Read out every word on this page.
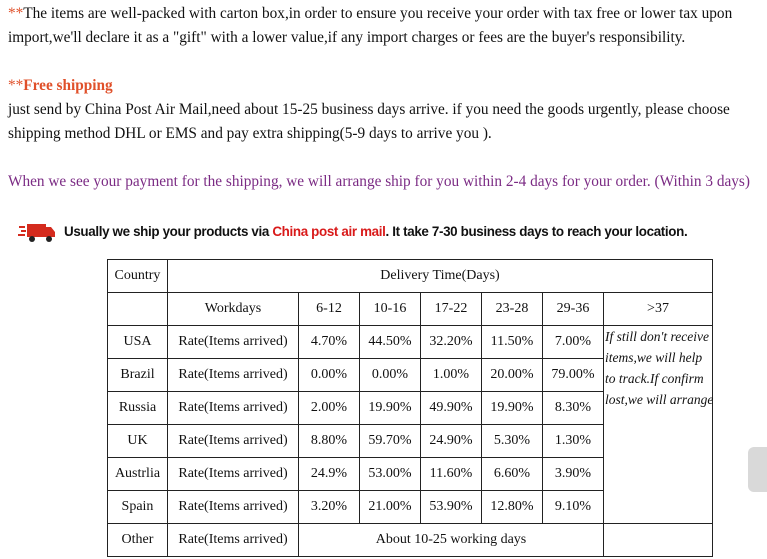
**The items are well-packed with carton box,in order to ensure you receive your order with tax free or lower tax upon import,we'll declare it as a "gift" with a lower value,if any import charges or fees are the buyer's responsibility.
**Free shipping
just send by China Post Air Mail,need about 15-25 business days arrive. if you need the goods urgently, please choose shipping method DHL or EMS and pay extra shipping(5-9 days to arrive you ).
When we see your payment for the shipping, we will arrange ship for you within 2-4 days for your order. (Within 3 days)
Usually we ship your products via China post air mail. It take 7-30 business days to reach your location.
Country	Delivery Time(Days)						
	Workdays	6-12	10-16	17-22	23-28	29-36	>37
USA	Rate(Items arrived)	4.70%	44.50%	32.20%	11.50%	7.00%	
Brazil	Rate(Items arrived)	0.00%	0.00%	1.00%	20.00%	79.00%	
Russia	Rate(Items arrived)	2.00%	19.90%	49.90%	19.90%	8.30%	
UK	Rate(Items arrived)	8.80%	59.70%	24.90%	5.30%	1.30%	
Austrlia	Rate(Items arrived)	24.9%	53.00%	11.60%	6.60%	3.90%	
Spain	Rate(Items arrived)	3.20%	21.00%	53.90%	12.80%	9.10%	
Other	Rate(Items arrived)	About 10-25 working days					
If still don't receive items,we will help to track.If confirm lost,we will arrange
